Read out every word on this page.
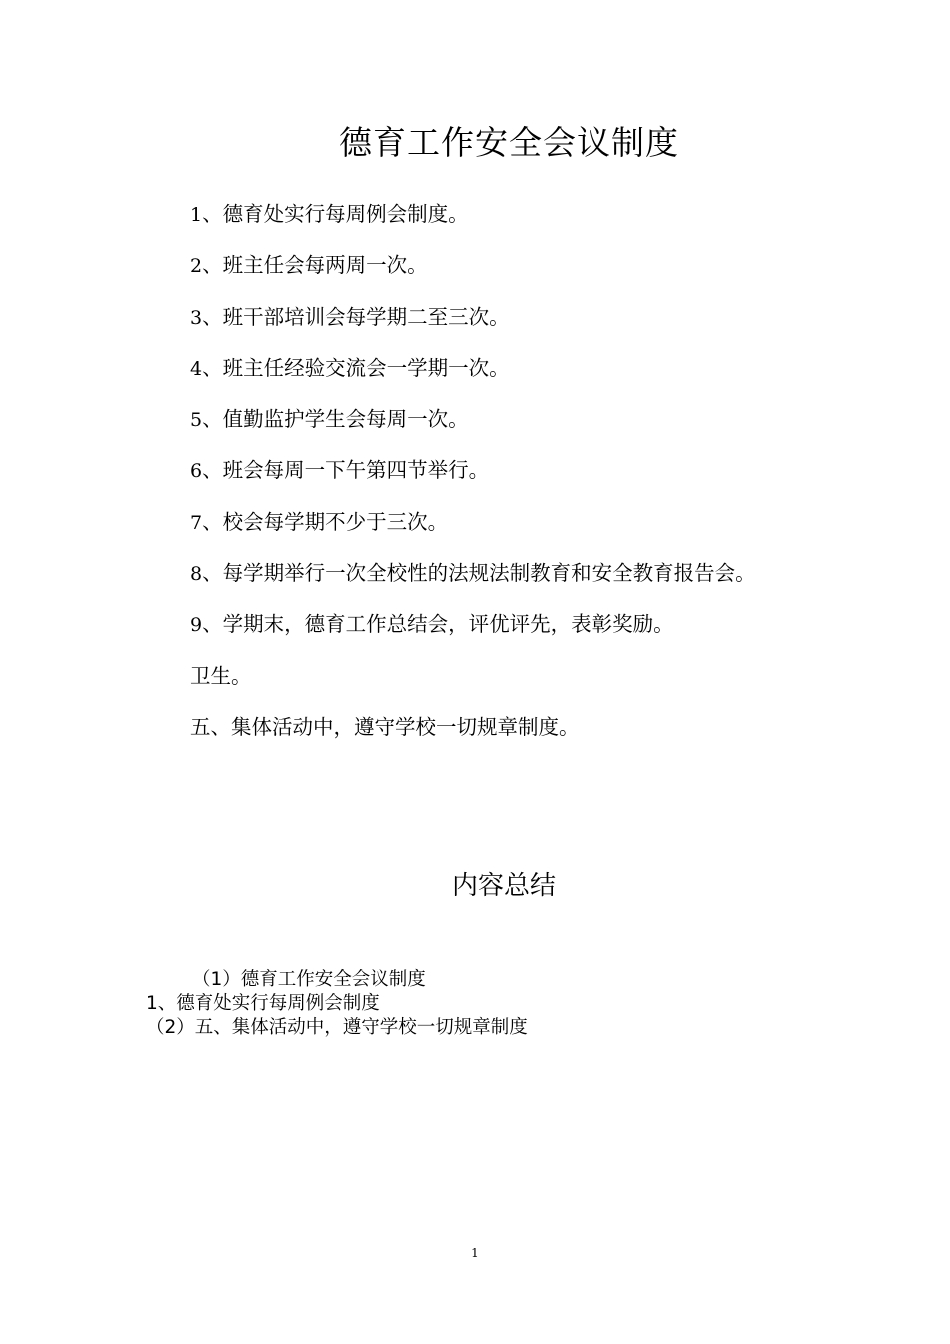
德育工作安全会议制度
1、德育处实行每周例会制度。
2、班主任会每两周一次。
3、班干部培训会每学期二至三次。
4、班主任经验交流会一学期一次。
5、值勤监护学生会每周一次。
6、班会每周一下午第四节举行。
7、校会每学期不少于三次。
8、每学期举行一次全校性的法规法制教育和安全教育报告会。
9、学期末，德育工作总结会，评优评先，表彰奖励。
卫生。
五、集体活动中，遵守学校一切规章制度。
内容总结
（1）德育工作安全会议制度
1、德育处实行每周例会制度
（2）五、集体活动中，遵守学校一切规章制度
1
